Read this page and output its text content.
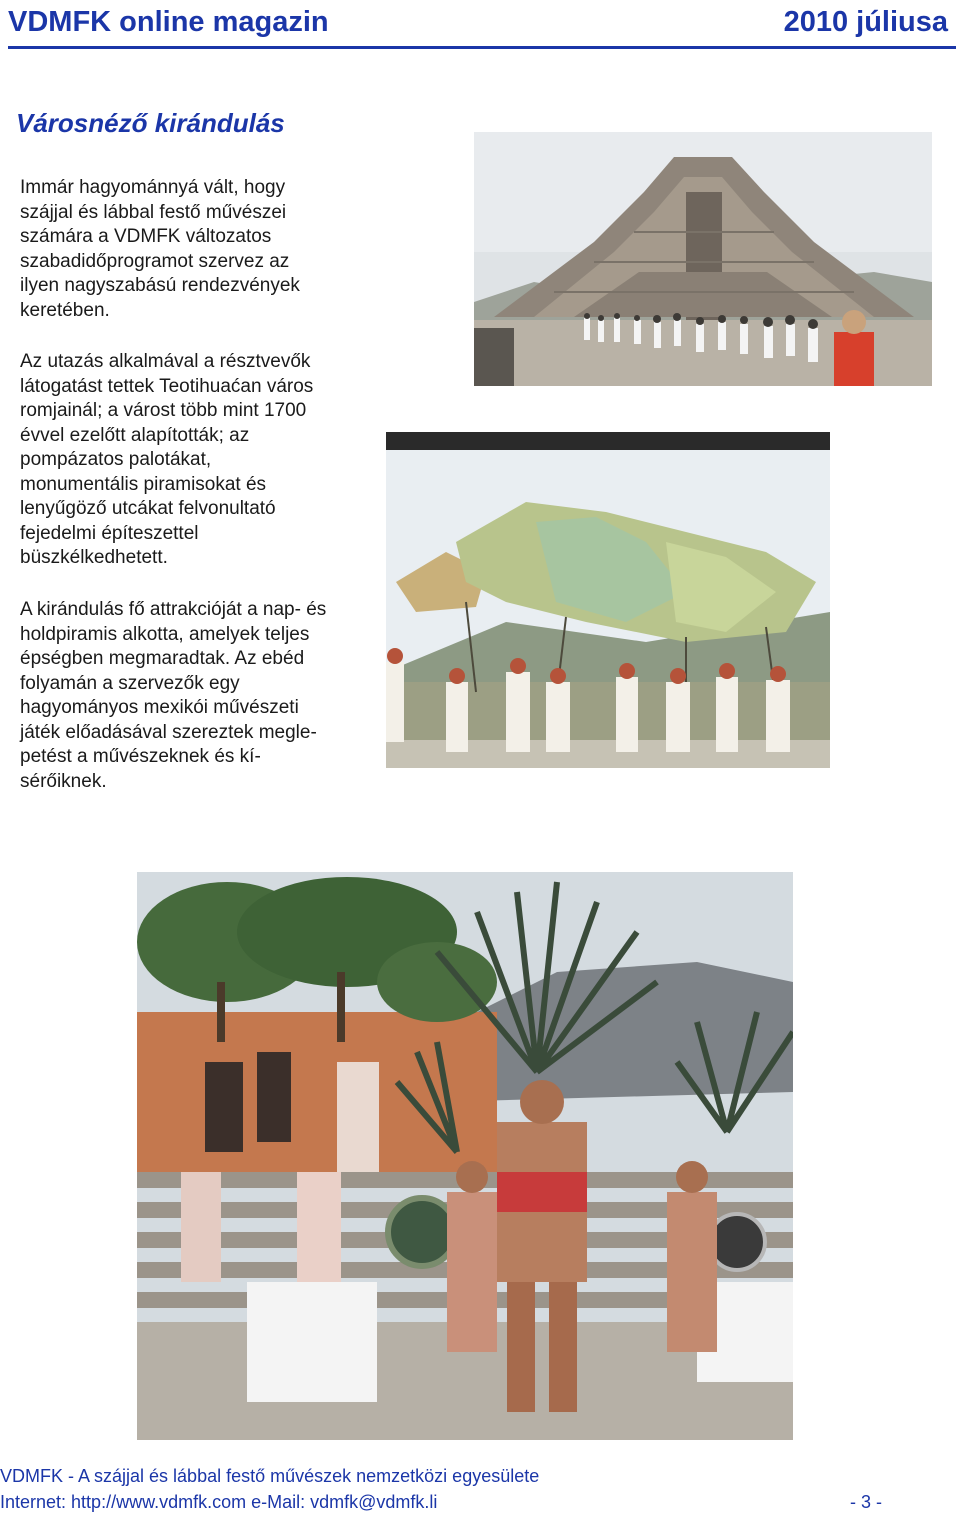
VDMFK online magazin	2010 júliusa
Városnéző kirándulás

Immár hagyománnyá vált, hogy szájjal és lábbal festő művészei számára a VDMFK változatos szabadidőprogramot szervez az ilyen nagyszabású rendezvények keretében.

Az utazás alkalmával a résztvevők látogatást tettek Teotihuaćan város romjainál; a várost több mint 1700 évvel ezelőtt alapították; az pompázatos palotákat, monumentális piramisokat és lenyűgöző utcákat felvonultató fejedelmi építeszettel büszkélkedhetett.

A kirándulás fő attrakcióját a nap- és holdpiramis alkotta, amelyek teljes épségben megmaradtak. Az ebéd folyamán a szervezők egy hagyományos mexikói művészeti játék előadásával szereztek meglepetést a művészeknek és kísérőiknek.

VDMFK - A szájjal és lábbal festő művészek nemzetközi egyesülete
Internet: http://www.vdmfk.com e-Mail: vdmfk@vdmfk.li	- 3 -
